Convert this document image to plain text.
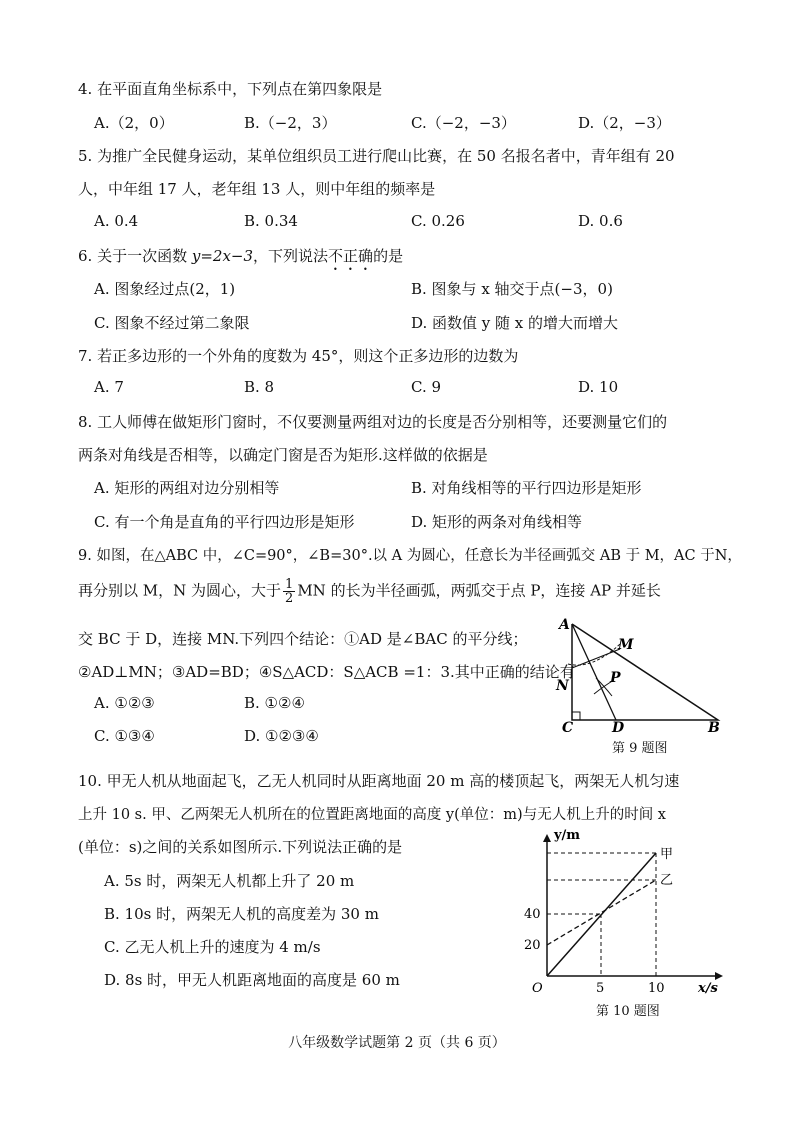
4. 在平面直角坐标系中，下列点在第四象限是
A.（2，0）	B.（−2，3）	C.（−2，−3）	D.（2，−3）
5. 为推广全民健身运动，某单位组织员工进行爬山比赛，在 50 名报名者中，青年组有 20
人，中年组 17 人，老年组 13 人，则中年组的频率是
A. 0.4	B. 0.34	C. 0.26	D. 0.6
6. 关于一次函数 y=2x−3，下列说法不正确的是
A. 图象经过点(2，1)	B. 图象与 x 轴交于点(−3，0)
C. 图象不经过第二象限	D. 函数值 y 随 x 的增大而增大
7. 若正多边形的一个外角的度数为 45°，则这个正多边形的边数为
A. 7	B. 8	C. 9	D. 10
8. 工人师傅在做矩形门窗时，不仅要测量两组对边的长度是否分别相等，还要测量它们的
两条对角线是否相等，以确定门窗是否为矩形.这样做的依据是
A. 矩形的两组对边分别相等	B. 对角线相等的平行四边形是矩形
C. 有一个角是直角的平行四边形是矩形	D. 矩形的两条对角线相等
9. 如图，在△ABC 中，∠C=90°，∠B=30°.以 A 为圆心，任意长为半径画弧交 AB 于 M，AC 于N，
再分别以 M，N 为圆心，大于 $\frac{1}{2}$ MN 的长为半径画弧，两弧交于点 P，连接 AP 并延长
交 BC 于 D，连接 MN.下列四个结论：①AD 是∠BAC 的平分线；
②AD⊥MN；③AD=BD；④S△ACD：S△ACB =1：3.其中正确的结论有
A. ①②③	B. ①②④
C. ①③④	D. ①②③④
A
M
N	P
C	D	B
第 9 题图
10. 甲无人机从地面起飞，乙无人机同时从距离地面 20 m 高的楼顶起飞，两架无人机匀速
上升 10 s. 甲、乙两架无人机所在的位置距离地面的高度 y(单位：m)与无人机上升的时间 x
(单位：s)之间的关系如图所示.下列说法正确的是
A. 5s 时，两架无人机都上升了 20 m
B. 10s 时，两架无人机的高度差为 30 m
C. 乙无人机上升的速度为 4 m/s
D. 8s 时，甲无人机距离地面的高度是 60 m
y/m
x/s
O
40
20
5	10
甲
乙
第 10 题图
八年级数学试题第 2 页（共 6 页）
